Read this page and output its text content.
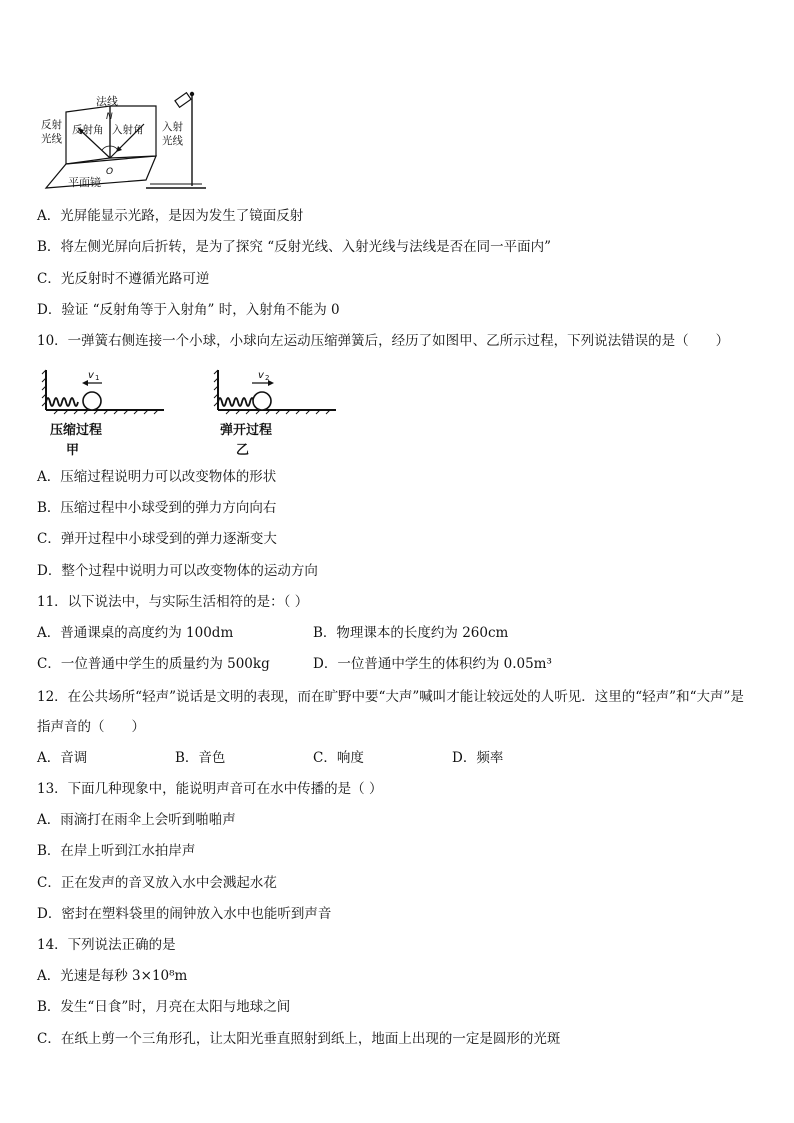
法线
N
反射角 入射角
反射
光线
入射
光线
O
平面镜
A．光屏能显示光路，是因为发生了镜面反射
B．将左侧光屏向后折转，是为了探究 “反射光线、入射光线与法线是否在同一平面内”
C．光反射时不遵循光路可逆
D．验证 “反射角等于入射角” 时，入射角不能为 0
10．一弹簧右侧连接一个小球，小球向左运动压缩弹簧后，经历了如图甲、乙所示过程，下列说法错误的是（　　）
v 1
压缩过程
甲
v 2
弹开过程
乙
A．压缩过程说明力可以改变物体的形状
B．压缩过程中小球受到的弹力方向向右
C．弹开过程中小球受到的弹力逐渐变大
D．整个过程中说明力可以改变物体的运动方向
11．以下说法中，与实际生活相符的是：（ ）
A．普通课桌的高度约为 100dm	B．物理课本的长度约为 260cm
C．一位普通中学生的质量约为 500kg	D．一位普通中学生的体积约为 0.05m³
12．在公共场所“轻声”说话是文明的表现，而在旷野中要“大声”喊叫才能让较远处的人听见．这里的“轻声”和“大声”是指声音的（　　）
A．音调	B．音色	C．响度	D．频率
13．下面几种现象中，能说明声音可在水中传播的是（ ）
A．雨滴打在雨伞上会听到啪啪声
B．在岸上听到江水拍岸声
C．正在发声的音叉放入水中会溅起水花
D．密封在塑料袋里的闹钟放入水中也能听到声音
14．下列说法正确的是
A．光速是每秒 3×10⁸m
B．发生“日食”时，月亮在太阳与地球之间
C．在纸上剪一个三角形孔，让太阳光垂直照射到纸上，地面上出现的一定是圆形的光斑
